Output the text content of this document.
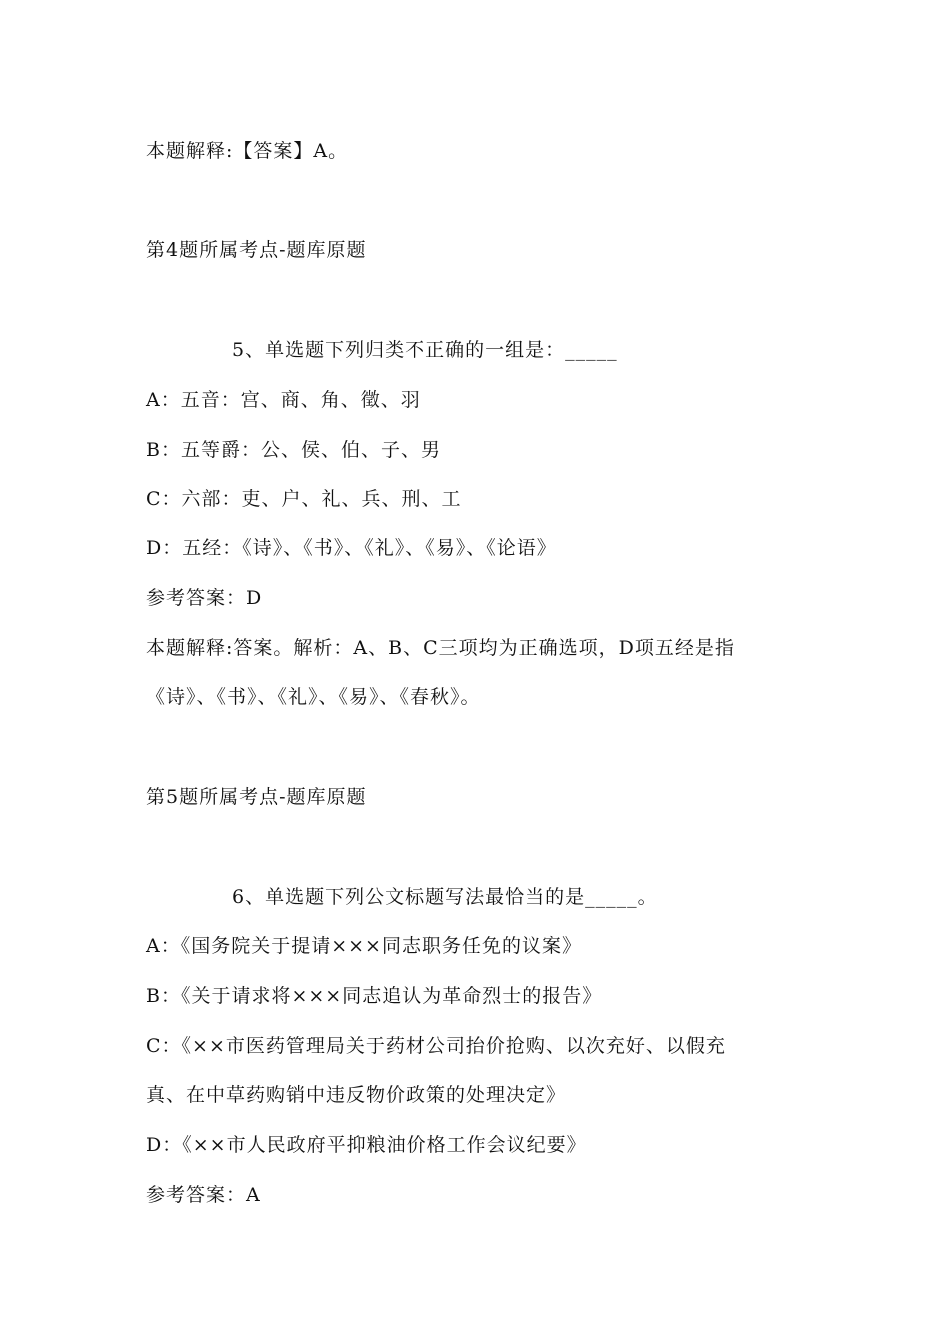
本题解释:【答案】A。
第4题所属考点-题库原题
5、单选题下列归类不正确的一组是：_____
A：五音：宫、商、角、徵、羽
B：五等爵：公、侯、伯、子、男
C：六部：吏、户、礼、兵、刑、工
D：五经：《诗》、《书》、《礼》、《易》、《论语》
参考答案：D
本题解释:答案。解析：A、B、C三项均为正确选项，D项五经是指
《诗》、《书》、《礼》、《易》、《春秋》。
第5题所属考点-题库原题
6、单选题下列公文标题写法最恰当的是_____。
A：《国务院关于提请×××同志职务任免的议案》
B：《关于请求将×××同志追认为革命烈士的报告》
C：《××市医药管理局关于药材公司抬价抢购、以次充好、以假充
真、在中草药购销中违反物价政策的处理决定》
D：《××市人民政府平抑粮油价格工作会议纪要》
参考答案：A
